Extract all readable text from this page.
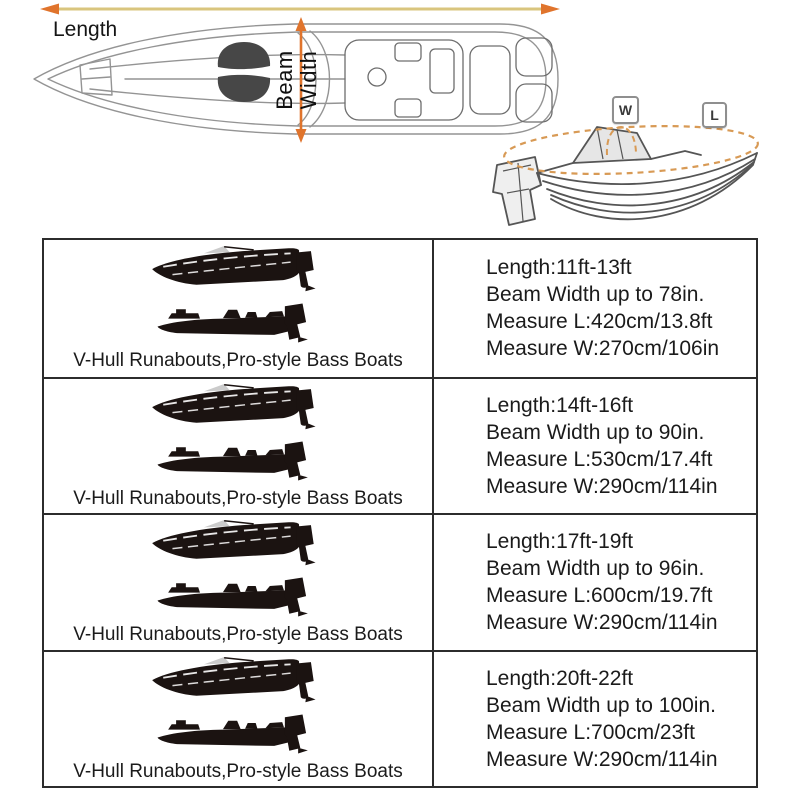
Length
Beam Width
W	L
V-Hull Runabouts,Pro-style Bass Boats
Length:11ft-13ft
Beam Width up to 78in.
Measure L:420cm/13.8ft
Measure W:270cm/106in
V-Hull Runabouts,Pro-style Bass Boats
Length:14ft-16ft
Beam Width up to 90in.
Measure L:530cm/17.4ft
Measure W:290cm/114in
V-Hull Runabouts,Pro-style Bass Boats
Length:17ft-19ft
Beam Width up to 96in.
Measure L:600cm/19.7ft
Measure W:290cm/114in
V-Hull Runabouts,Pro-style Bass Boats
Length:20ft-22ft
Beam Width up to 100in.
Measure L:700cm/23ft
Measure W:290cm/114in
